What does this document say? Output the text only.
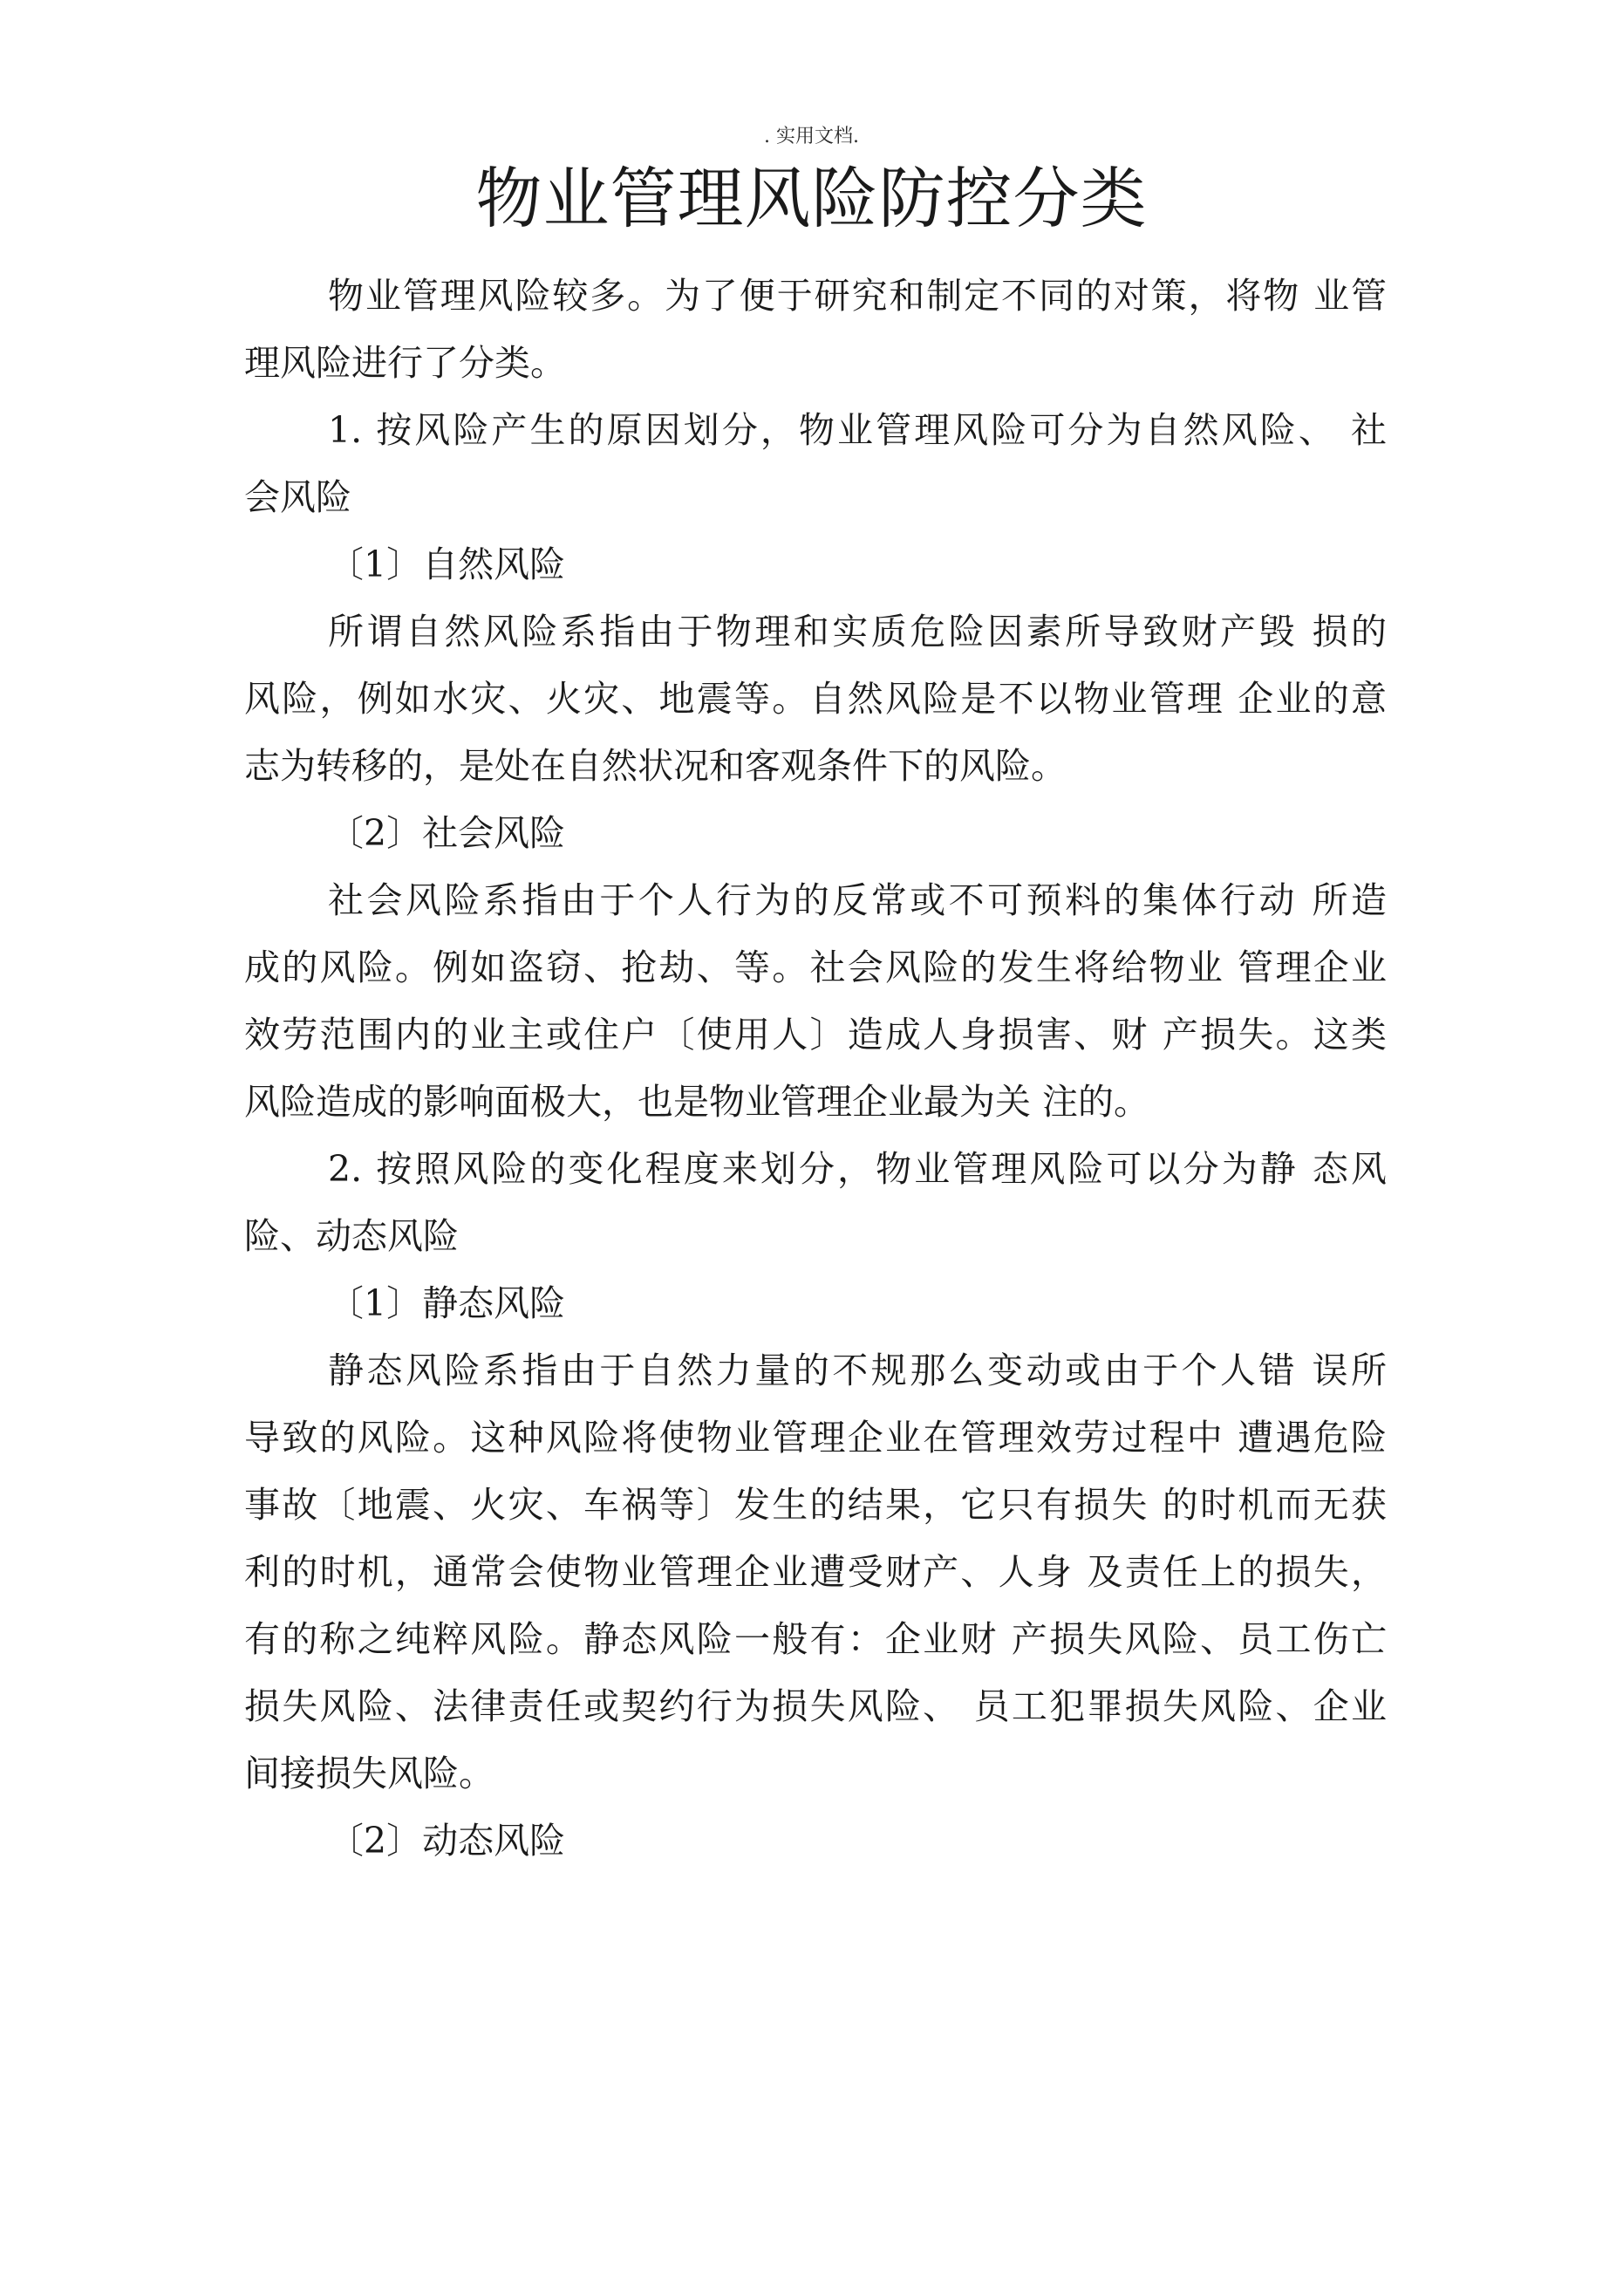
. 实用文档.
物业管理风险防控分类
物业管理风险较多。为了便于研究和制定不同的对策，将物 业管
理风险进行了分类。
1. 按风险产生的原因划分，物业管理风险可分为自然风险、 社
会风险
〔1〕自然风险
所谓自然风险系指由于物理和实质危险因素所导致财产毁 损的
风险，例如水灾、火灾、地震等。自然风险是不以物业管理 企业的意
志为转移的，是处在自然状况和客观条件下的风险。
〔2〕社会风险
社会风险系指由于个人行为的反常或不可预料的集体行动 所造
成的风险。例如盗窃、抢劫、等。社会风险的发生将给物业 管理企业
效劳范围内的业主或住户〔使用人〕造成人身损害、财 产损失。这类
风险造成的影响面极大，也是物业管理企业最为关 注的。
2. 按照风险的变化程度来划分，物业管理风险可以分为静 态风
险、动态风险
〔1〕静态风险
静态风险系指由于自然力量的不规那么变动或由于个人错 误所
导致的风险。这种风险将使物业管理企业在管理效劳过程中 遭遇危险
事故〔地震、火灾、车祸等〕发生的结果，它只有损失 的时机而无获
利的时机，通常会使物业管理企业遭受财产、人身 及责任上的损失，
有的称之纯粹风险。静态风险一般有：企业财 产损失风险、员工伤亡
损失风险、法律责任或契约行为损失风险、 员工犯罪损失风险、企业
间接损失风险。
〔2〕动态风险
